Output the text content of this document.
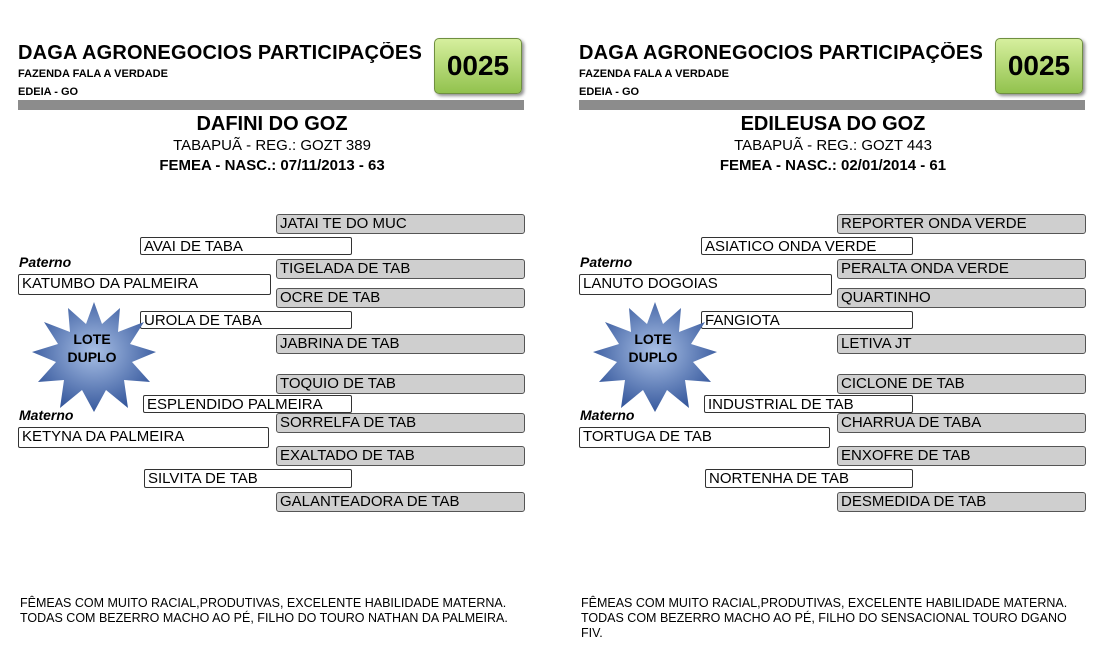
DAGA AGRONEGOCIOS PARTICIPAÇÕES
FAZENDA FALA A VERDADE
EDEIA - GO
0025
DAFINI DO GOZ
TABAPUÃ - REG.: GOZT 389
FEMEA - NASC.: 07/11/2013 - 63
JATAI TE DO MUC
AVAI DE TABA
Paterno	TIGELADA DE TAB
KATUMBO DA PALMEIRA
OCRE DE TAB
UROLA DE TABA
JABRINA DE TAB
LOTE
DUPLO
TOQUIO DE TAB
ESPLENDIDO PALMEIRA
Materno	SORRELFA DE TAB
KETYNA DA PALMEIRA
EXALTADO DE TAB
SILVITA DE TAB
GALANTEADORA DE TAB
FÊMEAS COM MUITO RACIAL,PRODUTIVAS, EXCELENTE HABILIDADE MATERNA. TODAS COM BEZERRO MACHO AO PÉ, FILHO DO TOURO NATHAN DA PALMEIRA.
DAGA AGRONEGOCIOS PARTICIPAÇÕES
FAZENDA FALA A VERDADE
EDEIA - GO
0025
EDILEUSA DO GOZ
TABAPUÃ - REG.: GOZT 443
FEMEA - NASC.: 02/01/2014 - 61
REPORTER ONDA VERDE
ASIATICO ONDA VERDE
Paterno	PERALTA ONDA VERDE
LANUTO DOGOIAS
QUARTINHO
FANGIOTA
LETIVA JT
LOTE
DUPLO
CICLONE DE TAB
INDUSTRIAL DE TAB
Materno	CHARRUA DE TABA
TORTUGA DE TAB
ENXOFRE DE TAB
NORTENHA DE TAB
DESMEDIDA DE TAB
FÊMEAS COM MUITO RACIAL,PRODUTIVAS, EXCELENTE HABILIDADE MATERNA. TODAS COM BEZERRO MACHO AO PÉ, FILHO DO SENSACIONAL TOURO DGANO FIV.
